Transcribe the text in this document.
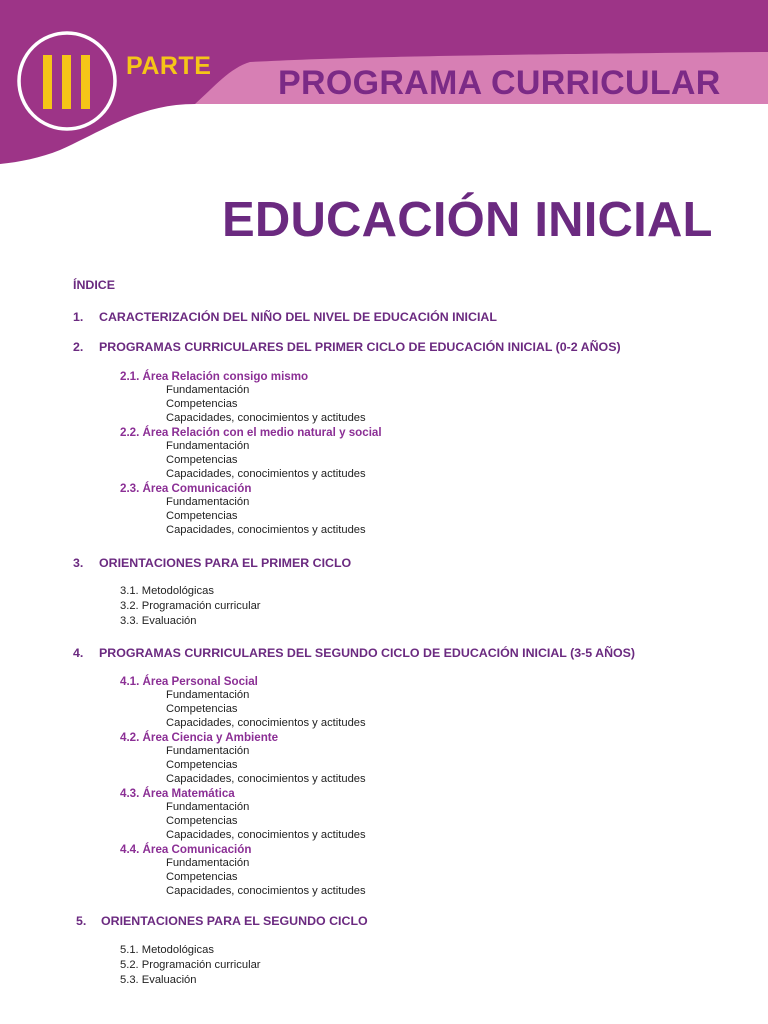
PARTE PROGRAMA CURRICULAR
EDUCACIÓN INICIAL
ÍNDICE
1. CARACTERIZACIÓN DEL NIÑO DEL NIVEL DE EDUCACIÓN INICIAL
2. PROGRAMAS CURRICULARES DEL PRIMER CICLO DE EDUCACIÓN INICIAL (0-2 AÑOS)
2.1. Área Relación consigo mismo
Fundamentación
Competencias
Capacidades, conocimientos y actitudes
2.2. Área Relación con el medio natural y social
Fundamentación
Competencias
Capacidades, conocimientos y actitudes
2.3. Área Comunicación
Fundamentación
Competencias
Capacidades, conocimientos y actitudes
3. ORIENTACIONES PARA EL PRIMER CICLO
3.1. Metodológicas
3.2. Programación curricular
3.3. Evaluación
4. PROGRAMAS CURRICULARES DEL SEGUNDO CICLO DE EDUCACIÓN INICIAL (3-5 AÑOS)
4.1. Área Personal Social
Fundamentación
Competencias
Capacidades, conocimientos y actitudes
4.2. Área Ciencia y Ambiente
Fundamentación
Competencias
Capacidades, conocimientos y actitudes
4.3. Área Matemática
Fundamentación
Competencias
Capacidades, conocimientos y actitudes
4.4. Área Comunicación
Fundamentación
Competencias
Capacidades, conocimientos y actitudes
5. ORIENTACIONES PARA EL SEGUNDO CICLO
5.1. Metodológicas
5.2. Programación curricular
5.3. Evaluación
